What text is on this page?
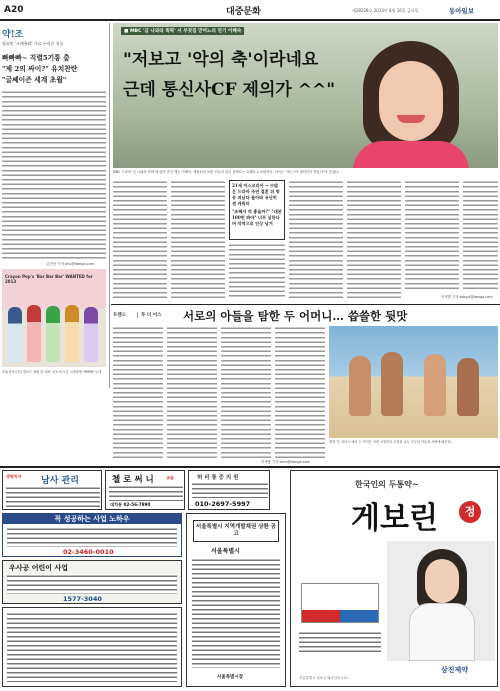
A20	대중문화	제28228호 2013년 8월 16일 금요일	동아일보
약!조
월요민 '크레용팝' 가요 누리꾼 성공
빠빠빠~ 직렬5기통 춤
"제 2의 싸이?" 유치찬란
"글쎄이즌 세계 초월"
김현선 기자 khs@donga.com
Crayon Pop's 'Bar Bar Bar' WANTED for 2013
3일(현지시간) 빌보드 'K팝 핫 100' 차트에 오른 크레용팝 '빠빠빠' 무대
■ MBC '금 나와라 뚝딱' 서 부잣집 맏며느리 연기 이혜숙
"저보고 '악의 축'이라네요
근데 통신사CF 제의가 ^^"
MBC 드라마 '금 나와라 뚝딱'에 출연 중인 배우 이혜숙. 캐릭터의 독한 모습과 달리 실제로는 유쾌하고 소탈하다. 이씨는 "최근 CF 제의까지 받았다"며 웃었다.
21세 미스코리아 → 수많은 드라마 주연 결혼 뒤 방송 떠났다 돌아와 유난히 센 캐릭터
"조혜자 역 좋을까?" "대본 100번 봐야" 너무 심하다며 악역으로 인상 남겨
이샛별 기자 ssbyul@donga.com
트렌드	투 더 이스 서로의 아들을 탐한 두 어머니… 씁쓸한 뒷맛
이새봄 기자 semi@donga.com
영화 '투 마더스'에서 두 여인은 어린 시절부터 우정을 나눈 친구의 아들과 사랑에 빠진다.
생명치아 남사 관리	첼 로 써 니	교습
대치동 02-56-7890
허 리 통 증 의 원
010-2697-5997
꼭 성공하는 사업 노하우
02-3460-0010
우사공 어린이 사업
1577-3040
서울특별시 지역개발채권 상환 공고
서울특별시
서울특별시장
한국인의 두통약~
게보린	정
삼진제약
서울특별시 마포구 와우산로 121
